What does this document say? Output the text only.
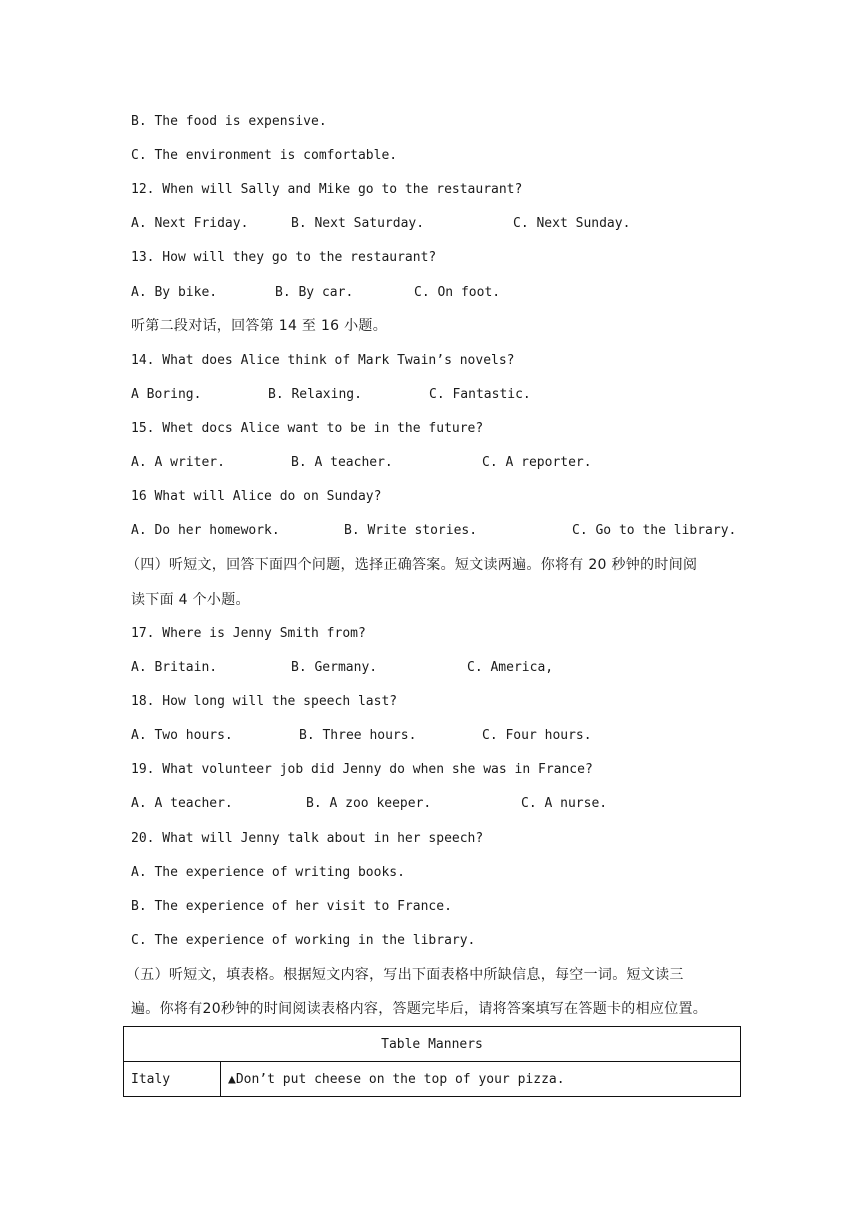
B. The food is expensive.
C. The environment is comfortable.
12. When will Sally and Mike go to the restaurant?
A. Next Friday.	B. Next Saturday.	C. Next Sunday.
13. How will they go to the restaurant?
A. By bike.	B. By car.	C. On foot.
听第二段对话，回答第 14 至 16 小题。
14. What does Alice think of Mark Twain’s novels?
A Boring.	B. Relaxing.	C. Fantastic.
15. Whet docs Alice want to be in the future?
A. A writer.	B. A teacher.	C. A reporter.
16 What will Alice do on Sunday?
A. Do her homework.	B. Write stories.	C. Go to the library.
（四）听短文，回答下面四个问题，选择正确答案。短文读两遍。你将有 20 秒钟的时间阅
读下面 4 个小题。
17. Where is Jenny Smith from?
A. Britain.	B. Germany.	C. America,
18. How long will the speech last?
A. Two hours.	B. Three hours.	C. Four hours.
19. What volunteer job did Jenny do when she was in France?
A. A teacher.	B. A zoo keeper.	C. A nurse.
20. What will Jenny talk about in her speech?
A. The experience of writing books.
B. The experience of her visit to France.
C. The experience of working in the library.
（五）听短文，填表格。根据短文内容，写出下面表格中所缺信息，每空一词。短文读三
遍。你将有20秒钟的时间阅读表格内容，答题完毕后，请将答案填写在答题卡的相应位置。
Table Manners
Italy	▲Don’t put cheese on the top of your pizza.
